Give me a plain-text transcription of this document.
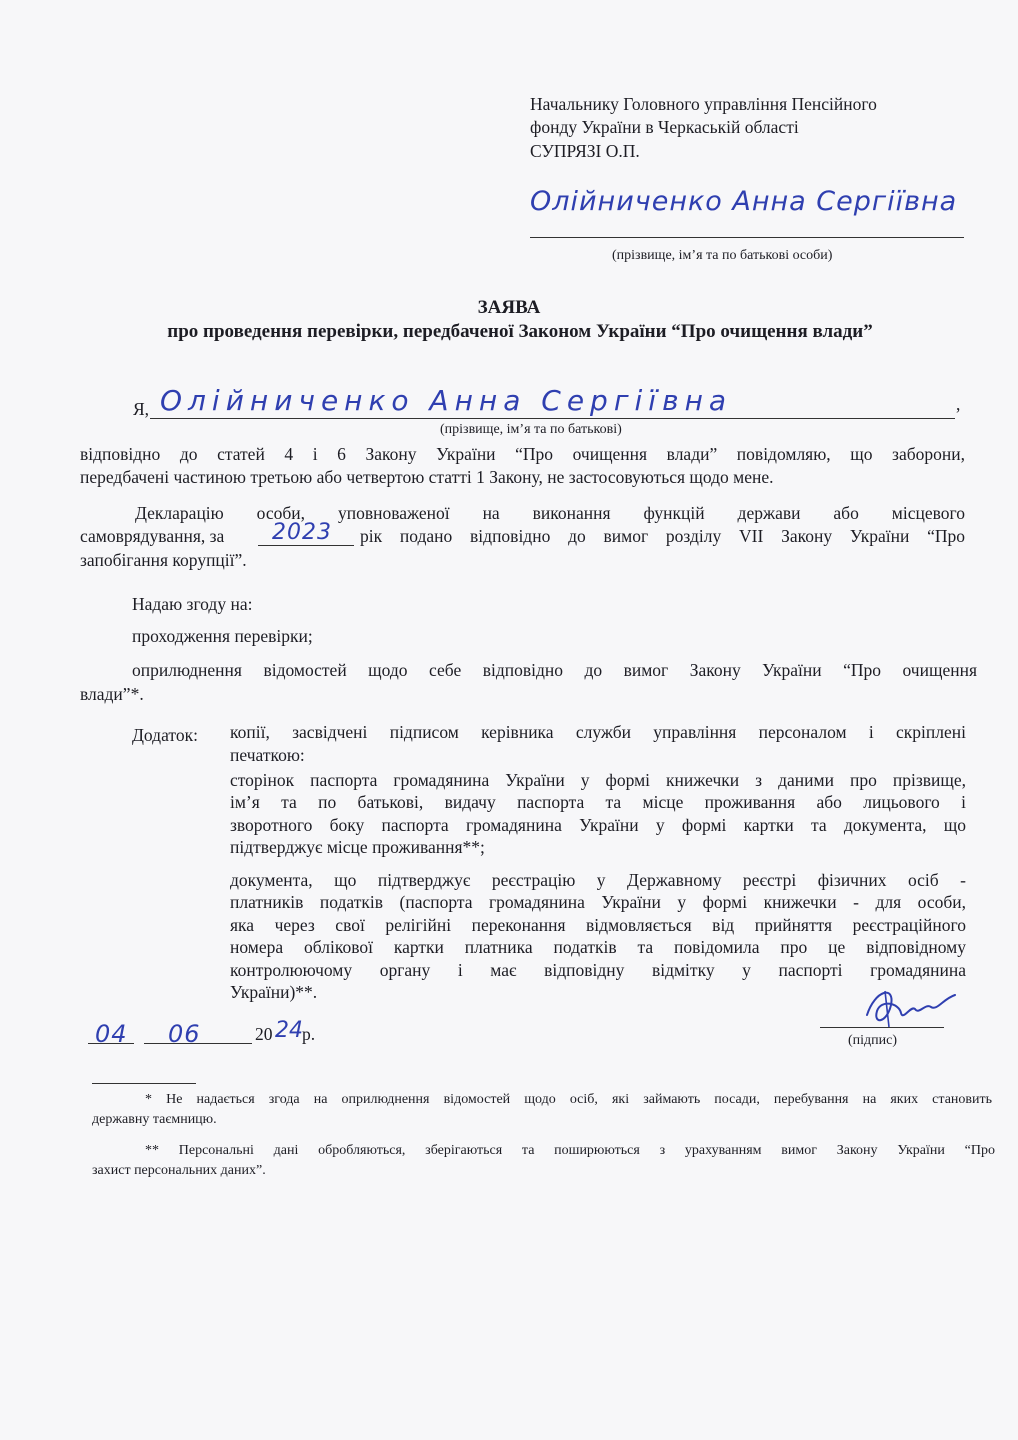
Начальнику Головного управління Пенсійного
фонду України в Черкаській області
СУПРЯЗІ О.П.
Олійниченко Анна Сергіївна
(прізвище, ім’я та по батькові особи)
ЗАЯВА
про проведення перевірки, передбаченої Законом України “Про очищення влади”
Я, Олійниченко Анна Сергіївна	,
(прізвище, ім’я та по батькові)
відповідно до статей 4 і 6 Закону України “Про очищення влади” повідомляю, що заборони,
передбачені частиною третьою або четвертою статті 1 Закону, не застосовуються щодо мене.
Декларацію особи, уповноваженої на виконання функцій держави або місцевого
самоврядування, за 2023 рік подано відповідно до вимог розділу VII Закону України “Про
запобігання корупції”.
Надаю згоду на:
проходження перевірки;
оприлюднення відомостей щодо себе відповідно до вимог Закону України “Про очищення
влади”*.
Додаток: копії, засвідчені підписом керівника служби управління персоналом і скріплені
печаткою:
сторінок паспорта громадянина України у формі книжечки з даними про прізвище,
ім’я та по батькові, видачу паспорта та місце проживання або лицьового і
зворотного боку паспорта громадянина України у формі картки та документа, що
підтверджує місце проживання**;
документа, що підтверджує реєстрацію у Державному реєстрі фізичних осіб -
платників податків (паспорта громадянина України у формі книжечки - для особи,
яка через свої релігійні переконання відмовляється від прийняття реєстраційного
номера облікової картки платника податків та повідомила про це відповідному
контролюючому органу і має відповідну відмітку у паспорті громадянина
України)**.
04 06	20 24 р.	(підпис)
* Не надається згода на оприлюднення відомостей щодо осіб, які займають посади, перебування на яких становить
державну таємницю.
** Персональні дані обробляються, зберігаються та поширюються з урахуванням вимог Закону України “Про
захист персональних даних”.
